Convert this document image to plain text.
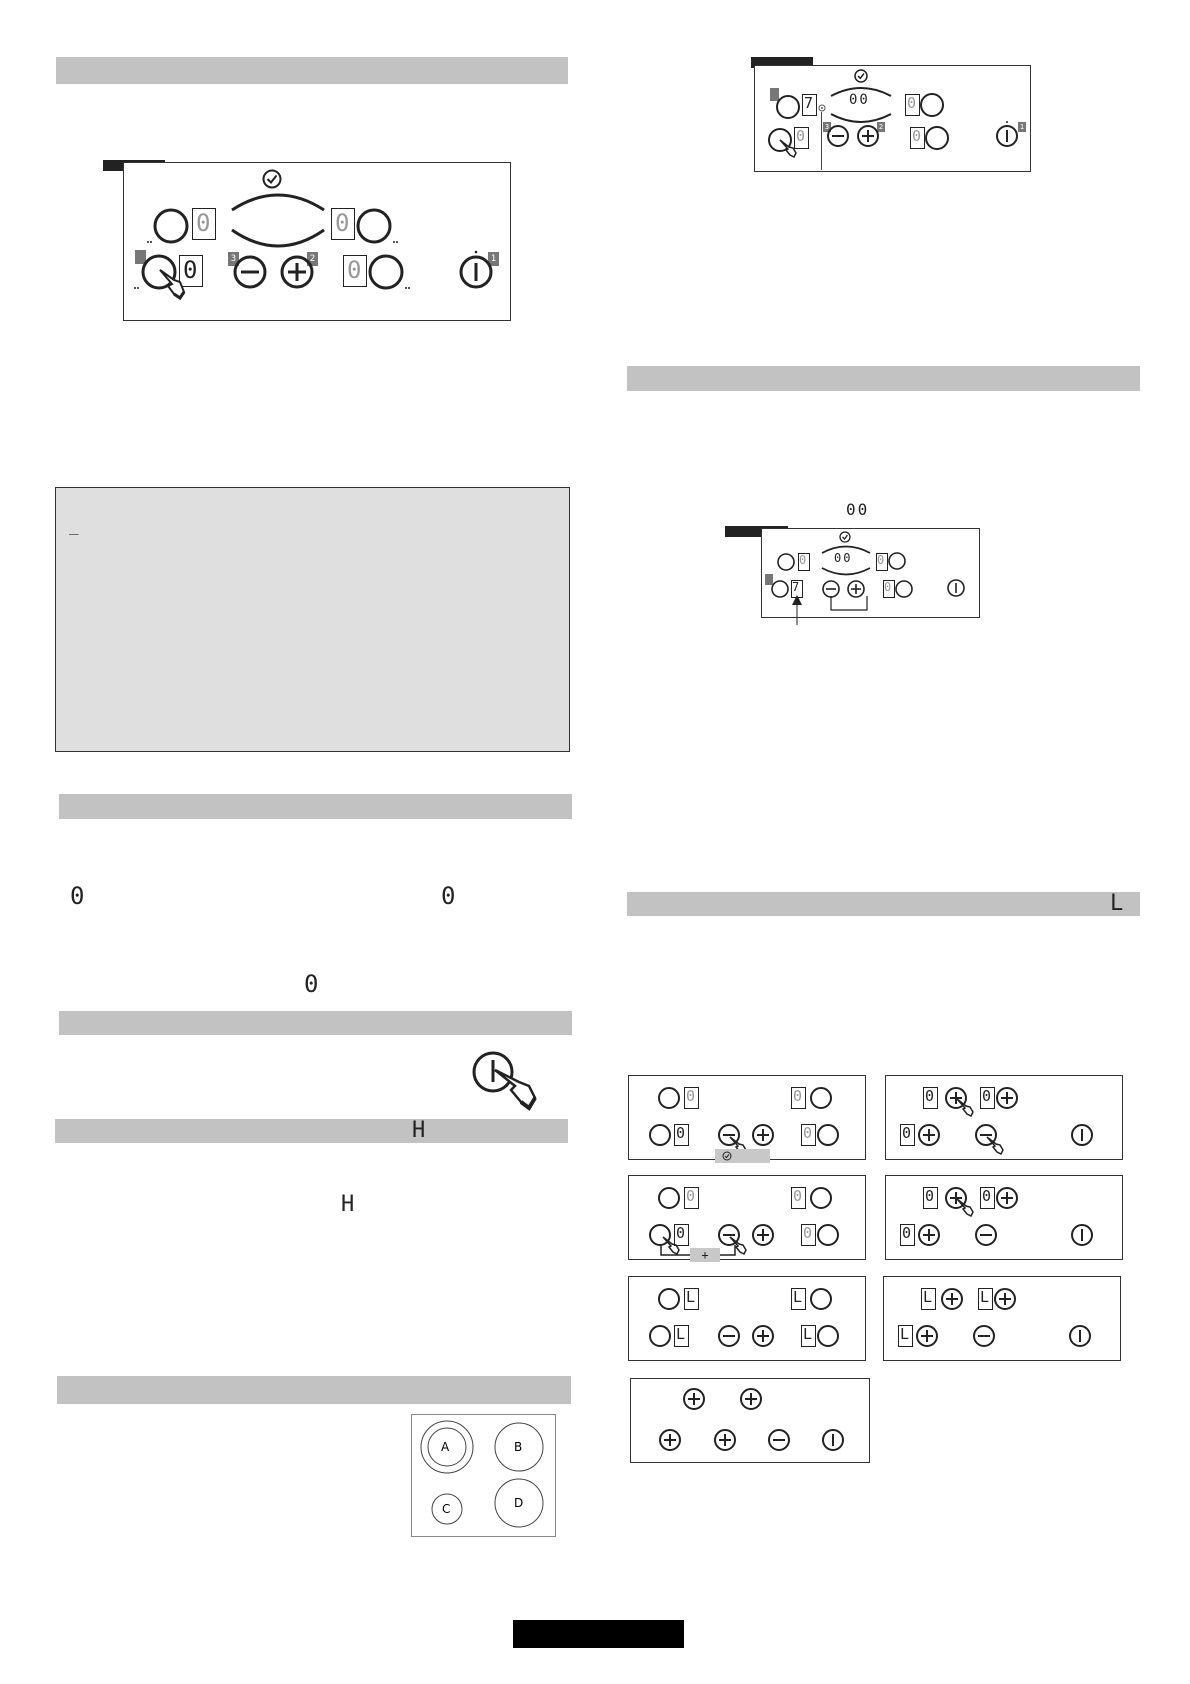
0	0
0	3	2 0	1
_
0	0
0
H
H
A	B
C	D
00
7	0
0	3	2 0	1
00
00
0	0
7	0
L
0	0
0	0
0	0
0
0	0
0	0
+
0	0
0
L	L
L	L
L	L
L
